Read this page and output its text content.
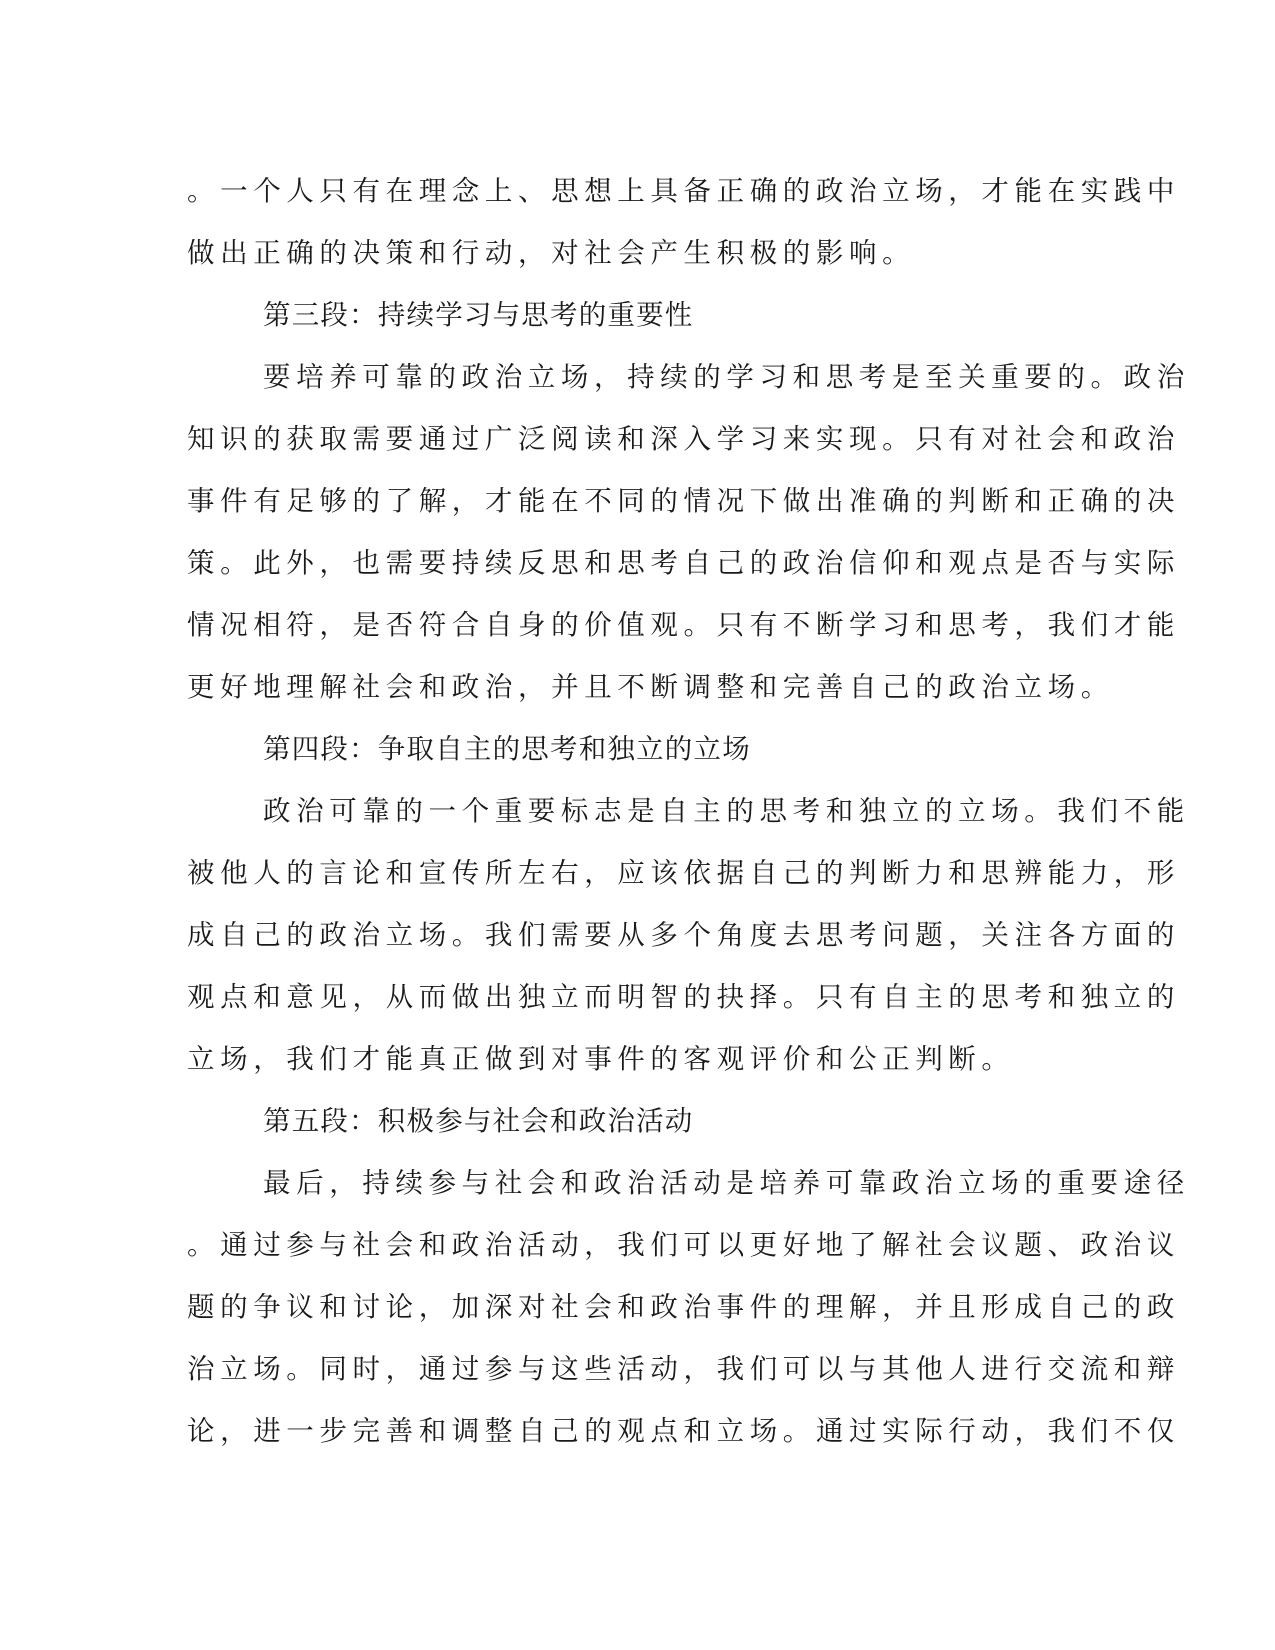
。一个人只有在理念上、思想上具备正确的政治立场，才能在实践中
做出正确的决策和行动，对社会产生积极的影响。
第三段：持续学习与思考的重要性
要培养可靠的政治立场，持续的学习和思考是至关重要的。政治
知识的获取需要通过广泛阅读和深入学习来实现。只有对社会和政治
事件有足够的了解，才能在不同的情况下做出准确的判断和正确的决
策。此外，也需要持续反思和思考自己的政治信仰和观点是否与实际
情况相符，是否符合自身的价值观。只有不断学习和思考，我们才能
更好地理解社会和政治，并且不断调整和完善自己的政治立场。
第四段：争取自主的思考和独立的立场
政治可靠的一个重要标志是自主的思考和独立的立场。我们不能
被他人的言论和宣传所左右，应该依据自己的判断力和思辨能力，形
成自己的政治立场。我们需要从多个角度去思考问题，关注各方面的
观点和意见，从而做出独立而明智的抉择。只有自主的思考和独立的
立场，我们才能真正做到对事件的客观评价和公正判断。
第五段：积极参与社会和政治活动
最后，持续参与社会和政治活动是培养可靠政治立场的重要途径
。通过参与社会和政治活动，我们可以更好地了解社会议题、政治议
题的争议和讨论，加深对社会和政治事件的理解，并且形成自己的政
治立场。同时，通过参与这些活动，我们可以与其他人进行交流和辩
论，进一步完善和调整自己的观点和立场。通过实际行动，我们不仅
